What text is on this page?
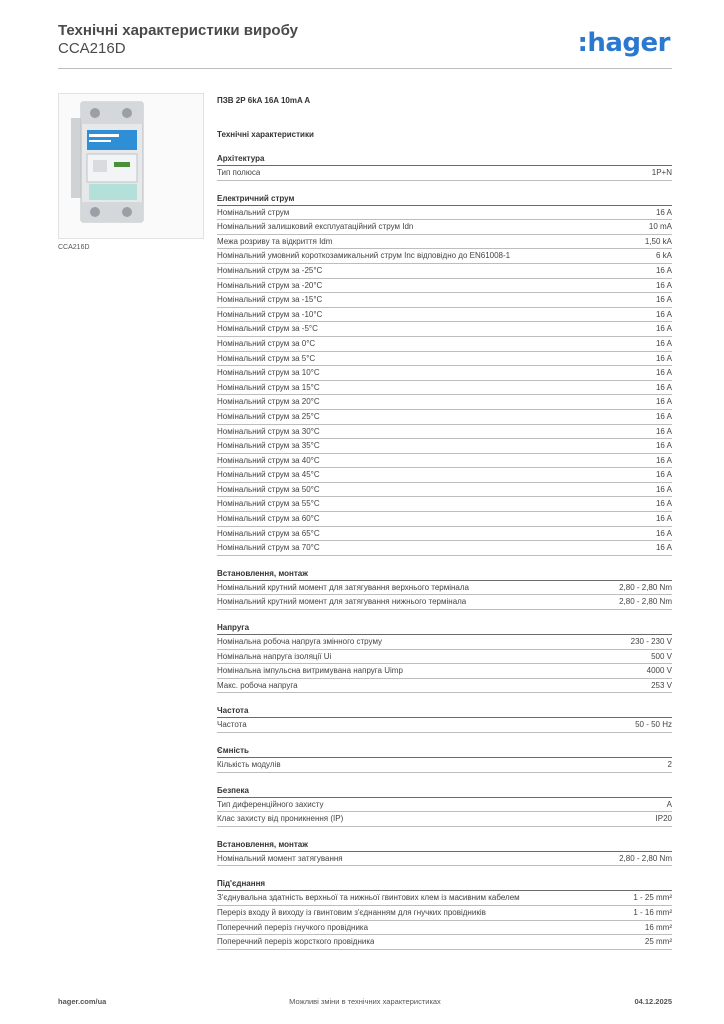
Технічні характеристики виробу
CCA216D	:hager
CCA216D
ПЗВ 2Р 6kA 16A 10mA A
Технічні характеристики
Архітектура
Тип полюса	1P+N
Електричний струм
Номінальний струм	16 A
Номінальний залишковий експлуатаційний струм Idn	10 mA
Межа розриву та відкриття Idm	1,50 kA
Номінальний умовний короткозамикальний струм Inc відповідно до EN61008-1	6 kA
Номінальний струм за -25°C	16 A
Номінальний струм за -20°C	16 A
Номінальний струм за -15°C	16 A
Номінальний струм за -10°C	16 A
Номінальний струм за -5°C	16 A
Номінальний струм за 0°C	16 A
Номінальний струм за 5°C	16 A
Номінальний струм за 10°C	16 A
Номінальний струм за 15°C	16 A
Номінальний струм за 20°C	16 A
Номінальний струм за 25°C	16 A
Номінальний струм за 30°C	16 A
Номінальний струм за 35°C	16 A
Номінальний струм за 40°C	16 A
Номінальний струм за 45°C	16 A
Номінальний струм за 50°C	16 A
Номінальний струм за 55°C	16 A
Номінальний струм за 60°C	16 A
Номінальний струм за 65°C	16 A
Номінальний струм за 70°C	16 A
Встановлення, монтаж
Номінальний крутний момент для затягування верхнього термінала	2,80 - 2,80 Nm
Номінальний крутний момент для затягування нижнього термінала	2,80 - 2,80 Nm
Напруга
Номінальна робоча напруга змінного струму	230 - 230 V
Номінальна напруга ізоляції Ui	500 V
Номінальна імпульсна витримувана напруга Uimp	4000 V
Макс. робоча напруга	253 V
Частота
Частота	50 - 50 Hz
Ємність
Кількість модулів	2
Безпека
Тип диференційного захисту	A
Клас захисту від проникнення (IP)	IP20
Встановлення, монтаж
Номінальний момент затягування	2,80 - 2,80 Nm
Під'єднання
З'єднувальна здатність верхньої та нижньої гвинтових клем із масивним кабелем	1 - 25 mm²
Переріз входу й виходу із гвинтовим з'єднанням для гнучких провідників	1 - 16 mm²
Поперечний переріз гнучкого провідника	16 mm²
Поперечний переріз жорсткого провідника	25 mm²
hager.com/ua	Можливі зміни в технічних характеристиках	04.12.2025
